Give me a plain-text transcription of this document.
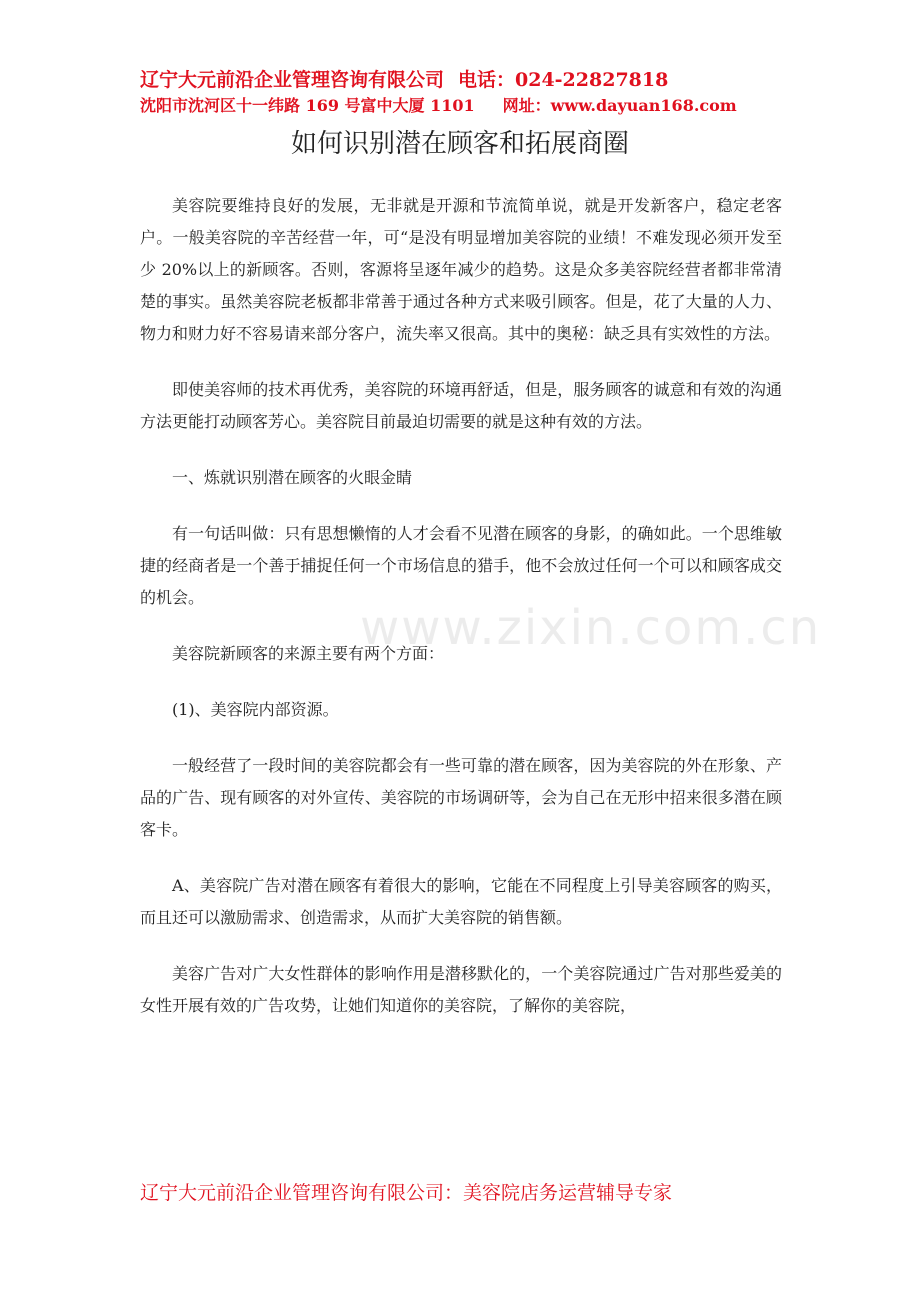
辽宁大元前沿企业管理咨询有限公司 电话：024-22827818
沈阳市沈河区十一纬路 169 号富中大厦 1101 网址：www.dayuan168.com
如何识别潜在顾客和拓展商圈

美容院要维持良好的发展，无非就是开源和节流简单说，就是开发新客户，稳定老客户。一般美容院的辛苦经营一年，可“是没有明显增加美容院的业绩！不难发现必须开发至少 20%以上的新顾客。否则，客源将呈逐年减少的趋势。这是众多美容院经营者都非常清楚的事实。虽然美容院老板都非常善于通过各种方式来吸引顾客。但是，花了大量的人力、物力和财力好不容易请来部分客户，流失率又很高。其中的奥秘：缺乏具有实效性的方法。

即使美容师的技术再优秀，美容院的环境再舒适，但是，服务顾客的诚意和有效的沟通方法更能打动顾客芳心。美容院目前最迫切需要的就是这种有效的方法。

一、炼就识别潜在顾客的火眼金睛

有一句话叫做：只有思想懒惰的人才会看不见潜在顾客的身影，的确如此。一个思维敏捷的经商者是一个善于捕捉任何一个市场信息的猎手，他不会放过任何一个可以和顾客成交的机会。

美容院新顾客的来源主要有两个方面：

(1)、美容院内部资源。

一般经营了一段时间的美容院都会有一些可靠的潜在顾客，因为美容院的外在形象、产品的广告、现有顾客的对外宣传、美容院的市场调研等，会为自己在无形中招来很多潜在顾客卡。

A、美容院广告对潜在顾客有着很大的影响，它能在不同程度上引导美容顾客的购买，而且还可以激励需求、创造需求，从而扩大美容院的销售额。

美容广告对广大女性群体的影响作用是潜移默化的，一个美容院通过广告对那些爱美的女性开展有效的广告攻势，让她们知道你的美容院，了解你的美容院，

www.zixin.com.cn
辽宁大元前沿企业管理咨询有限公司：美容院店务运营辅导专家
